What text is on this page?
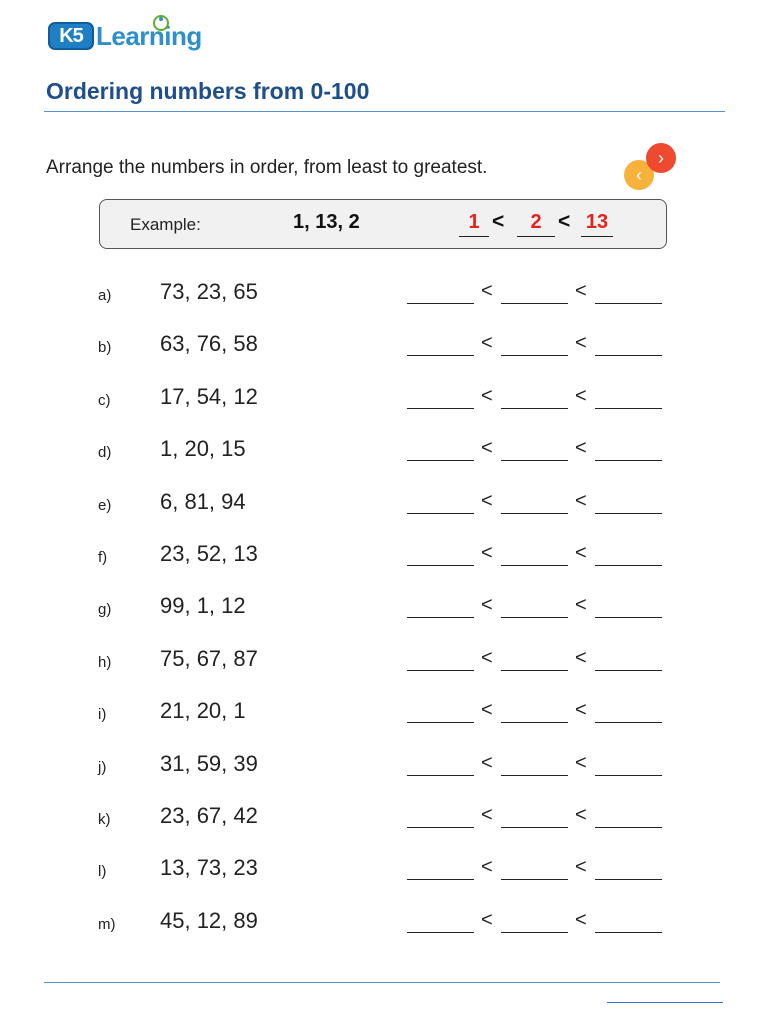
K5 Learning
Ordering numbers from 0-100
Arrange the numbers in order, from least to greatest.	‹
›
Example:	1, 13, 2	1 <	2 < 13
a) 73, 23, 65	<	<
b) 63, 76, 58	<	<
c) 17, 54, 12	<	<
d) 1, 20, 15	<	<
e) 6, 81, 94	<	<
f) 23, 52, 13	<	<
g) 99, 1, 12	<	<
h) 75, 67, 87	<	<
i) 21, 20, 1	<	<
j) 31, 59, 39	<	<
k) 23, 67, 42	<	<
l) 13, 73, 23	<	<
m) 45, 12, 89	<	<
